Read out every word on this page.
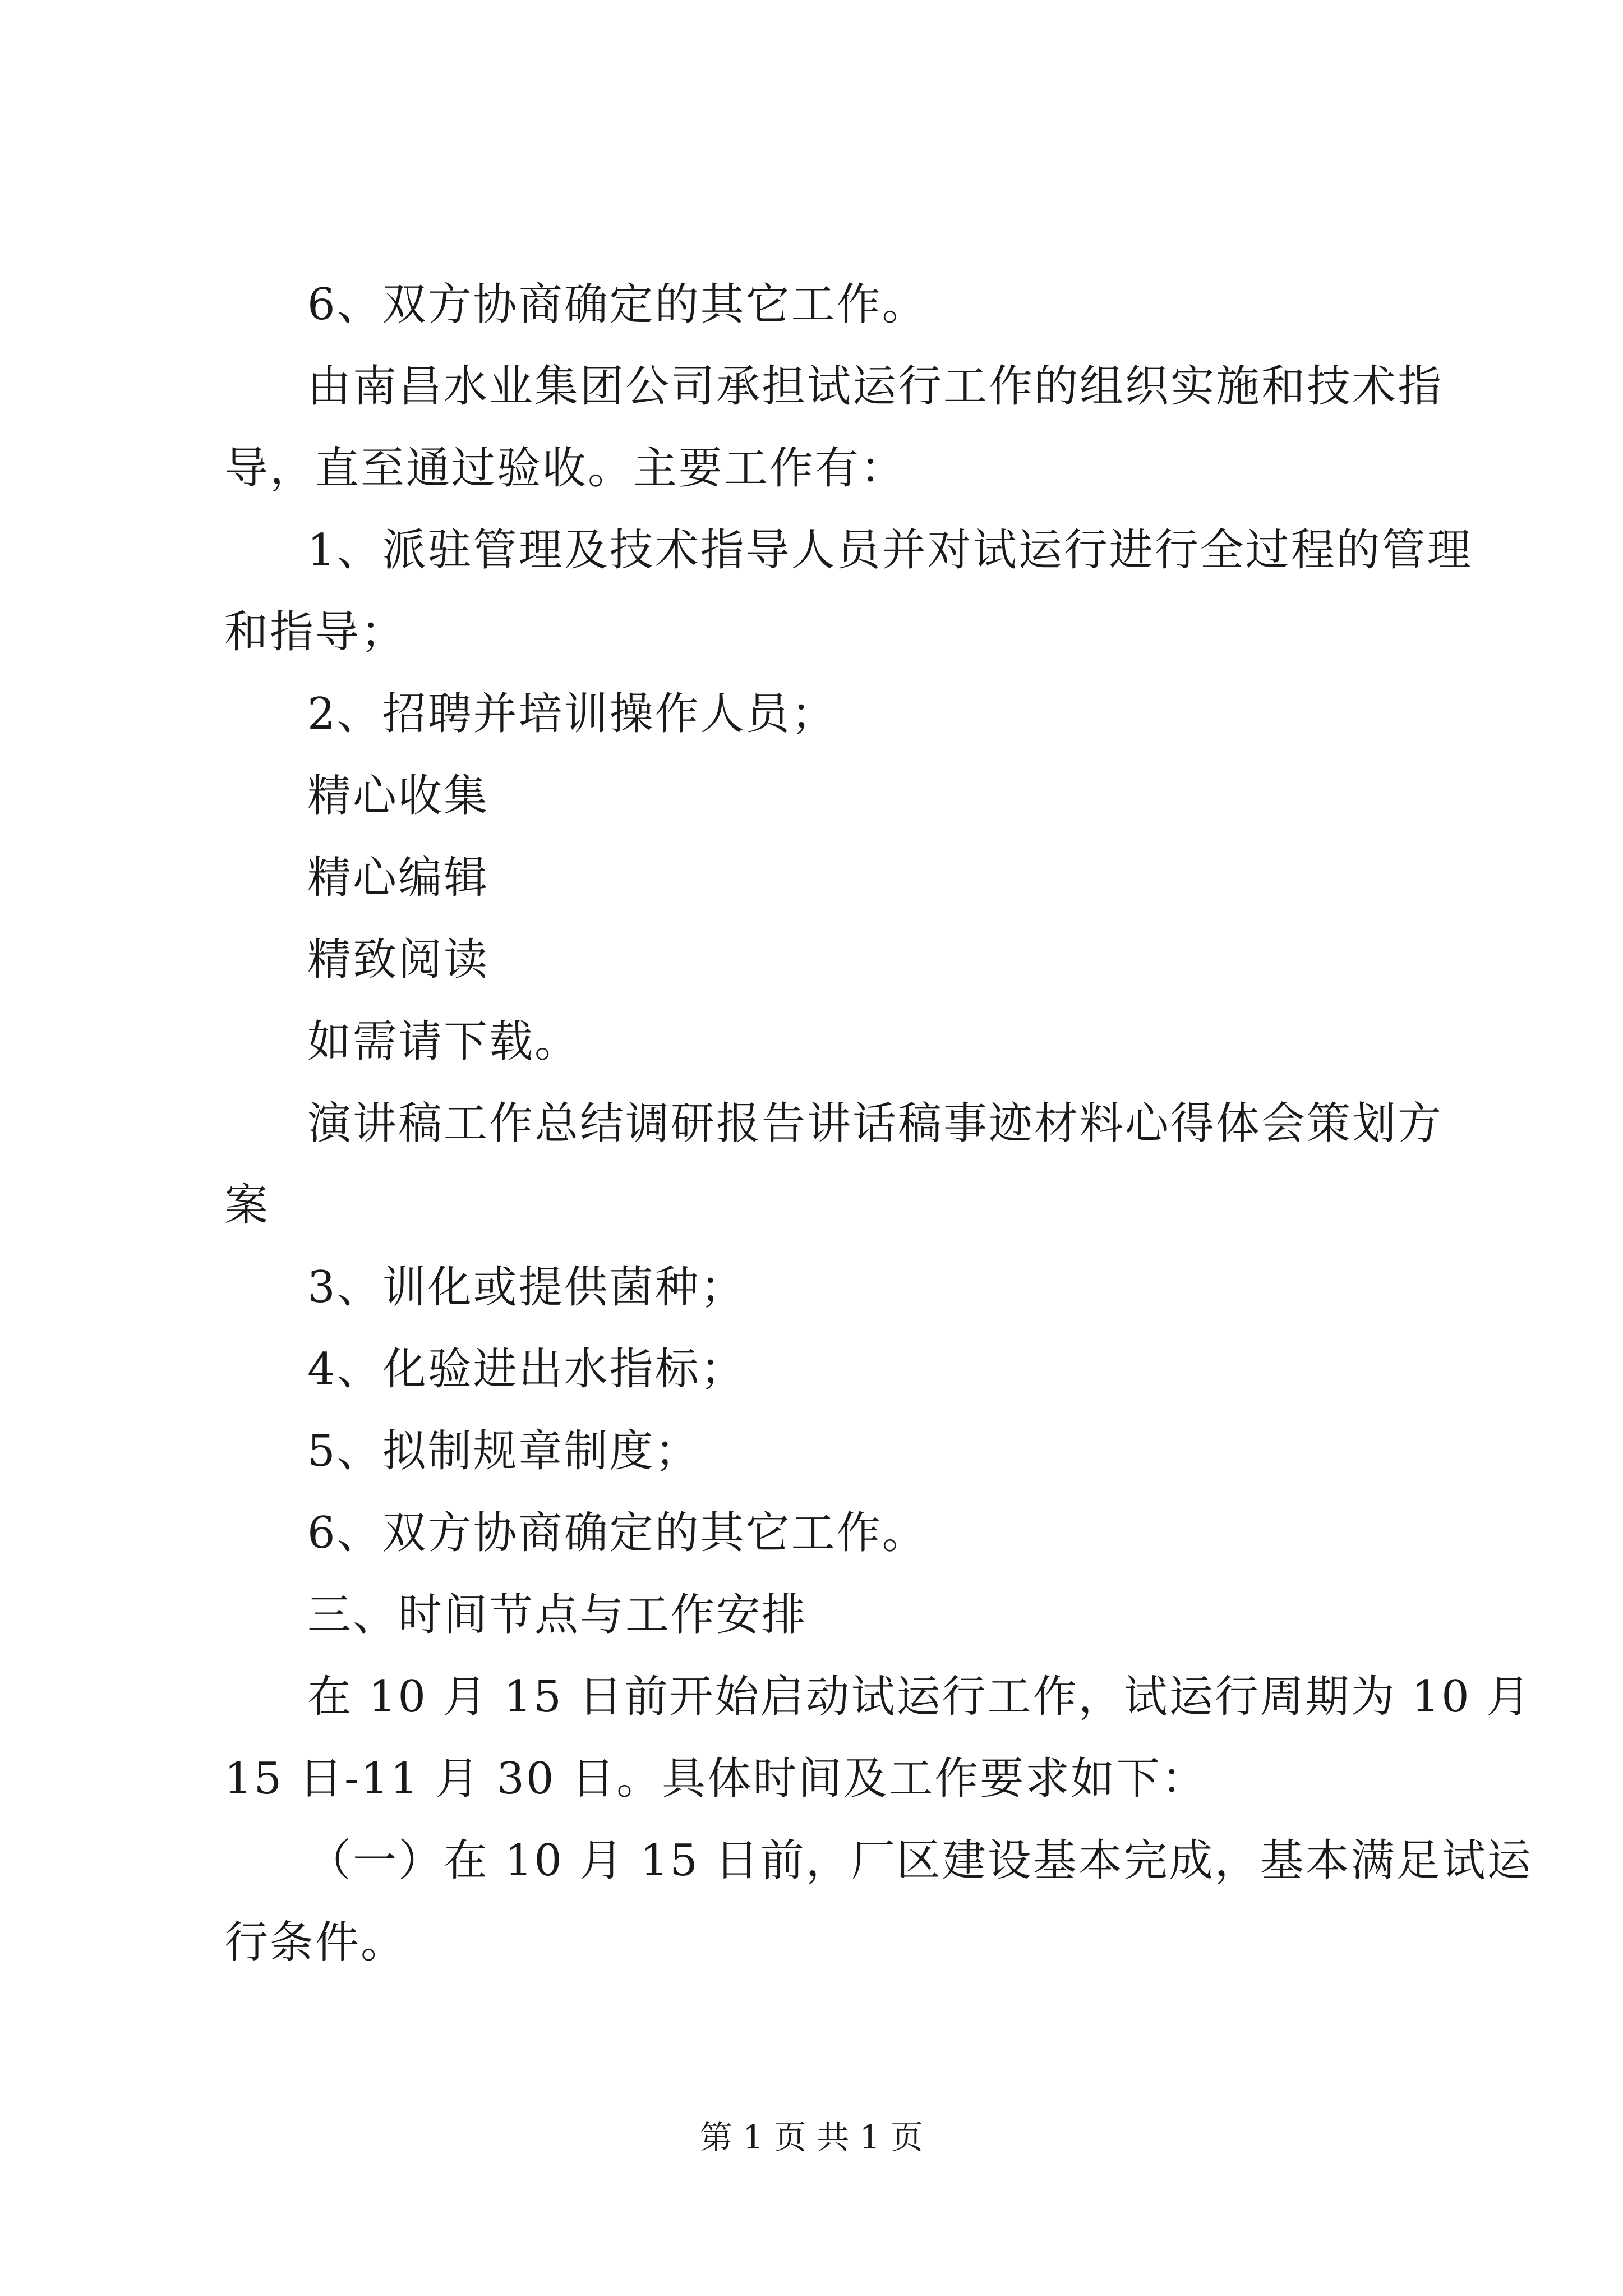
6、双方协商确定的其它工作。
由南昌水业集团公司承担试运行工作的组织实施和技术指
导，直至通过验收。主要工作有：
1、派驻管理及技术指导人员并对试运行进行全过程的管理
和指导；
2、招聘并培训操作人员；
精心收集
精心编辑
精致阅读
如需请下载。
演讲稿工作总结调研报告讲话稿事迹材料心得体会策划方
案
3、训化或提供菌种；
4、化验进出水指标；
5、拟制规章制度；
6、双方协商确定的其它工作。
三、时间节点与工作安排
在 10 月 15 日前开始启动试运行工作，试运行周期为 10 月
15 日-11 月 30 日。具体时间及工作要求如下：
（一）在 10 月 15 日前，厂区建设基本完成，基本满足试运
行条件。
第 1 页 共 1 页
